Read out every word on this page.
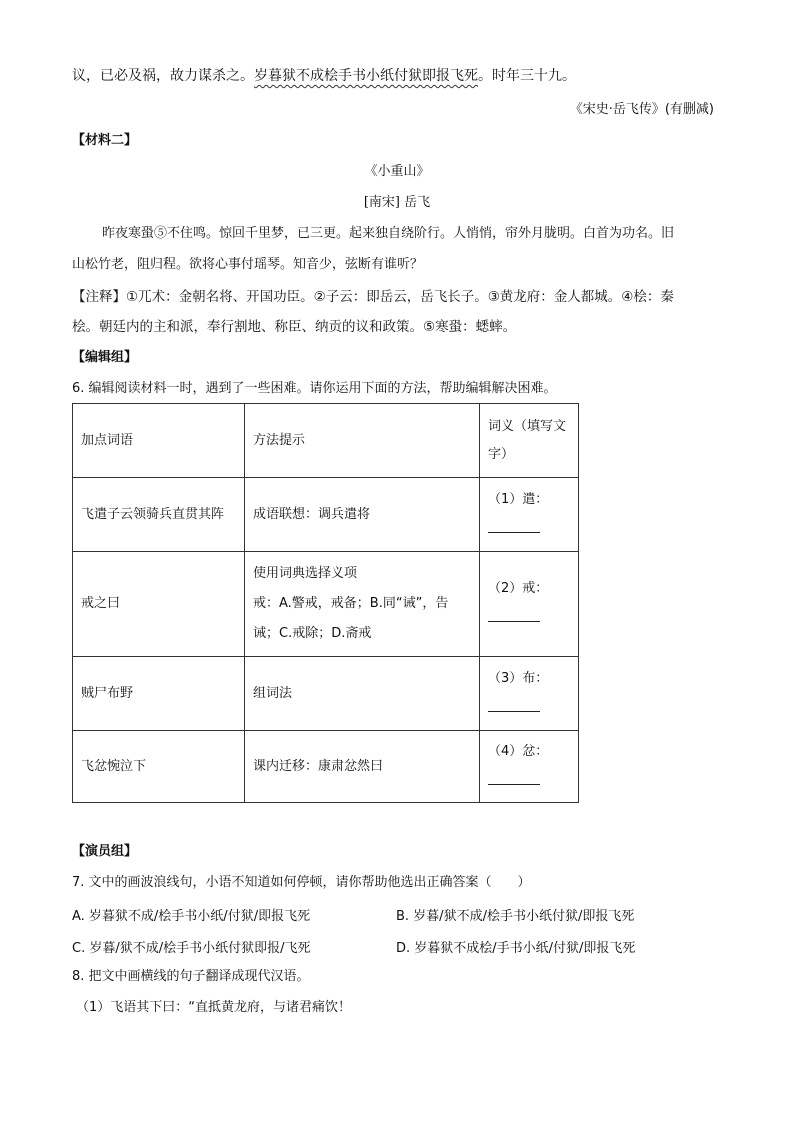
议，已必及祸，故力谋杀之。岁暮狱不成桧手书小纸付狱即报飞死。时年三十九。
《宋史·岳飞传》(有删减)
【材料二】
《小重山》
[南宋] 岳飞
昨夜寒蛩⑤不住鸣。惊回千里梦，已三更。起来独自绕阶行。人悄悄，帘外月胧明。白首为功名。旧
山松竹老，阻归程。欲将心事付瑶琴。知音少，弦断有谁听？
【注释】①兀术：金朝名将、开国功臣。②子云：即岳云，岳飞长子。③黄龙府：金人都城。④桧：秦
桧。朝廷内的主和派，奉行割地、称臣、纳贡的议和政策。⑤寒蛩：蟋蟀。
【编辑组】
6. 编辑阅读材料一时，遇到了一些困难。请你运用下面的方法，帮助编辑解决困难。
加点词语	方法提示	词义（填写文
字）

飞遣子云领骑兵直贯其阵	成语联想：调兵遣将	（1）遣：

戒之曰	使用词典选择义项
戒：A.警戒，戒备；B.同“诫”，告
诫；C.戒除；D.斋戒	（2）戒：

贼尸布野	组词法	（3）布：

飞忿惋泣下	课内迁移：康肃忿然曰	（4）忿：
【演员组】
7. 文中的画波浪线句，小语不知道如何停顿，请你帮助他选出正确答案（　　）
A. 岁暮狱不成/桧手书小纸/付狱/即报飞死	B. 岁暮/狱不成/桧手书小纸付狱/即报飞死
C. 岁暮/狱不成/桧手书小纸付狱即报/飞死	D. 岁暮狱不成桧/手书小纸/付狱/即报飞死
8. 把文中画横线的句子翻译成现代汉语。
（1）飞语其下曰：“直抵黄龙府，与诸君痛饮！
